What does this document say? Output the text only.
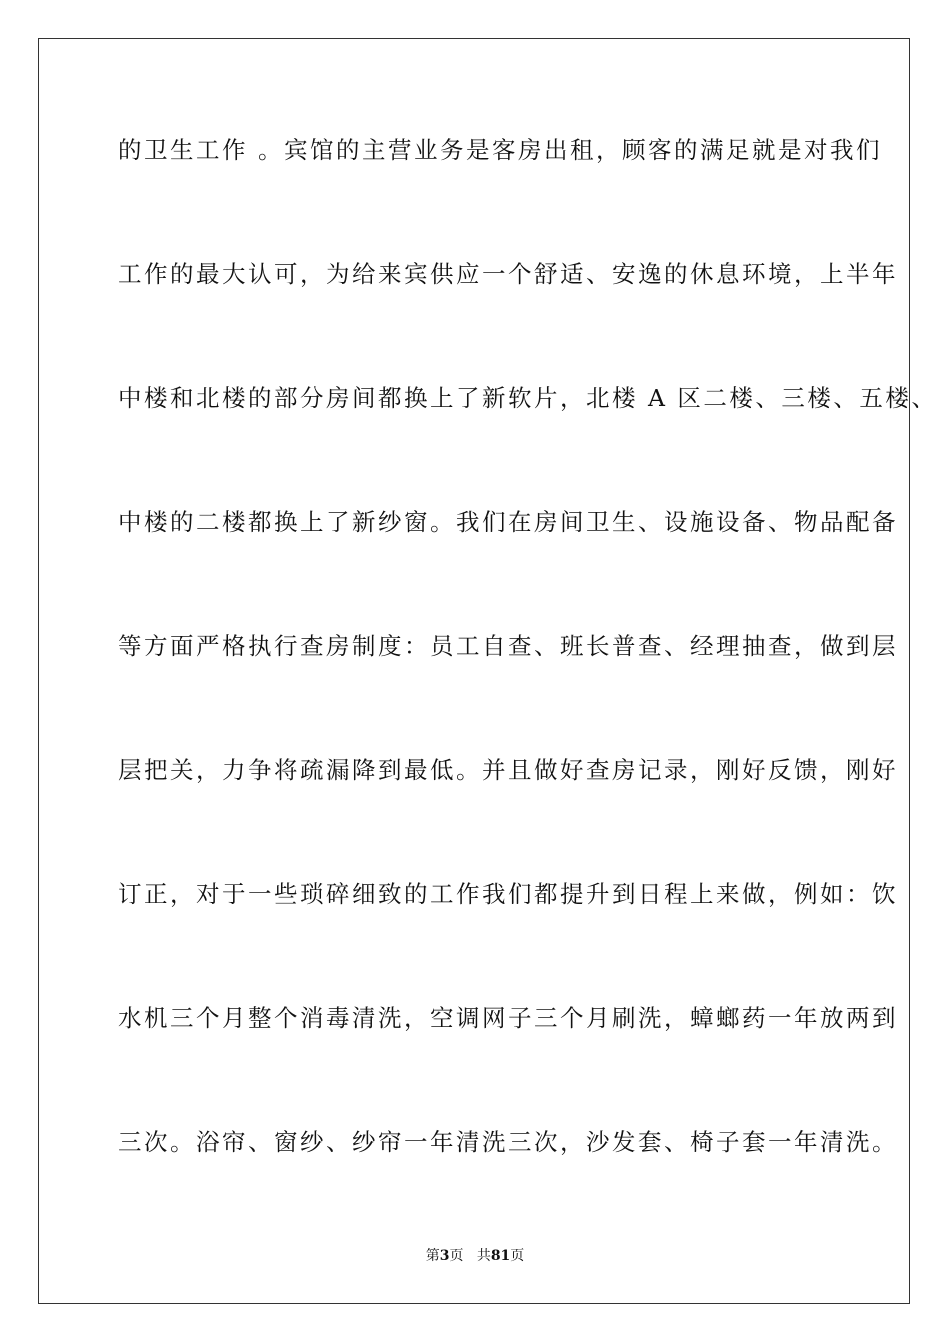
的卫生工作 。宾馆的主营业务是客房出租，顾客的满足就是对我们
工作的最大认可，为给来宾供应一个舒适、安逸的休息环境，上半年
中楼和北楼的部分房间都换上了新软片，北楼 A 区二楼、三楼、五楼、
中楼的二楼都换上了新纱窗。我们在房间卫生、设施设备、物品配备
等方面严格执行查房制度：员工自查、班长普查、经理抽查，做到层
层把关，力争将疏漏降到最低。并且做好查房记录，刚好反馈，刚好
订正，对于一些琐碎细致的工作我们都提升到日程上来做，例如：饮
水机三个月整个消毒清洗，空调网子三个月刷洗，蟑螂药一年放两到
三次。浴帘、窗纱、纱帘一年清洗三次，沙发套、椅子套一年清洗。
第3页 共81页
